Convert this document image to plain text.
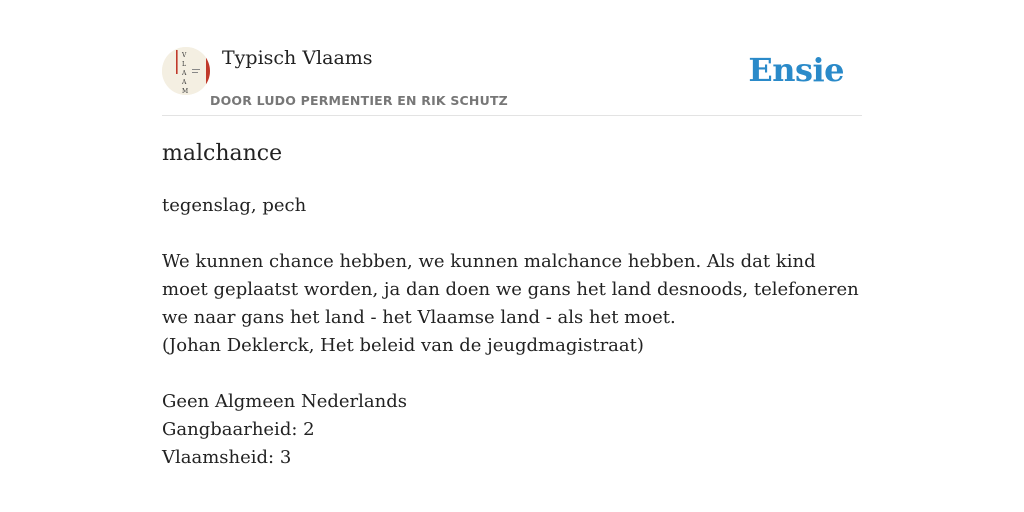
V
L
A
A
M
Typisch Vlaams
DOOR LUDO PERMENTIER EN RIK SCHUTZ
Ensie
malchance
tegenslag, pech
We kunnen chance hebben, we kunnen malchance hebben. Als dat kind moet geplaatst worden, ja dan doen we gans het land desnoods, telefoneren we naar gans het land - het Vlaamse land - als het moet.
(Johan Deklerck, Het beleid van de jeugdmagistraat)
Geen Algmeen Nederlands
Gangbaarheid: 2
Vlaamsheid: 3
